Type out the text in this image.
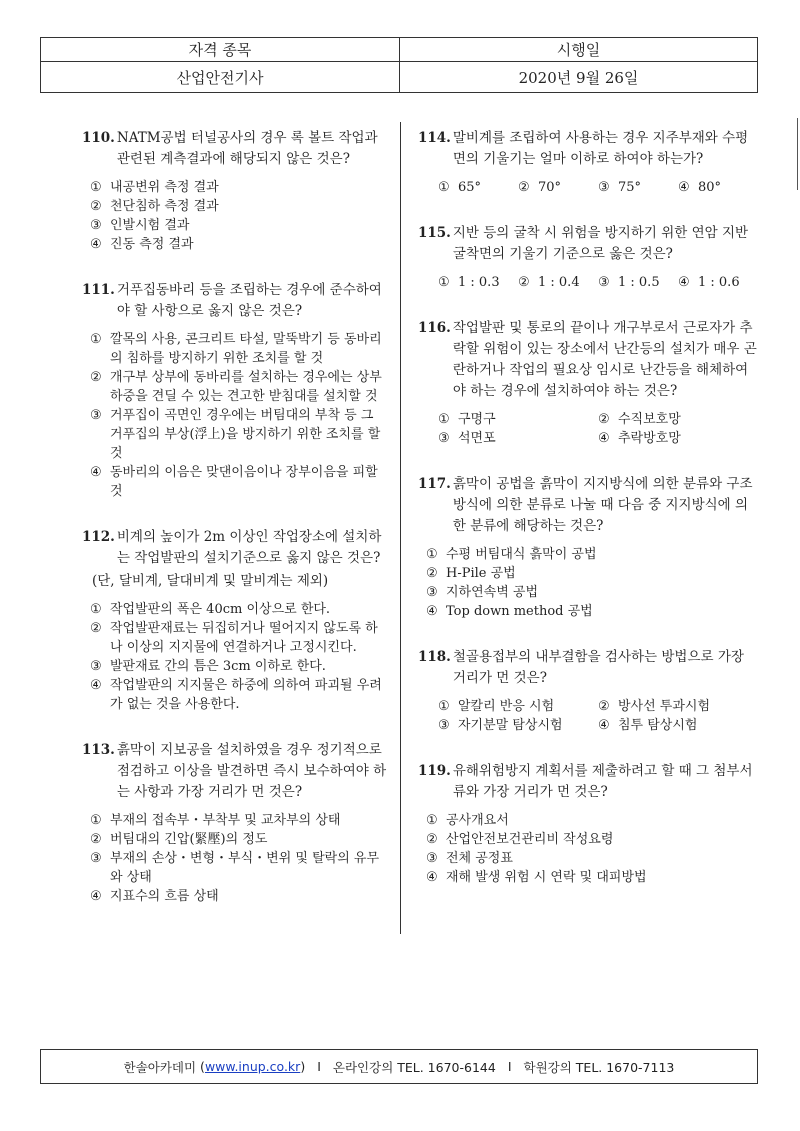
자격 종목	시행일
산업안전기사	2020년 9월 26일
110. NATM공법 터널공사의 경우 록 볼트 작업과 관련된 계측결과에 해당되지 않은 것은?
① 내공변위 측정 결과
② 천단침하 측정 결과
③ 인발시험 결과
④ 진동 측정 결과
111. 거푸집동바리 등을 조립하는 경우에 준수하여야 할 사항으로 옳지 않은 것은?
① 깔목의 사용, 콘크리트 타설, 말뚝박기 등 동바리의 침하를 방지하기 위한 조치를 할 것
② 개구부 상부에 동바리를 설치하는 경우에는 상부하중을 견딜 수 있는 견고한 받침대를 설치할 것
③ 거푸집이 곡면인 경우에는 버팀대의 부착 등 그 거푸집의 부상(浮上)을 방지하기 위한 조치를 할 것
④ 동바리의 이음은 맞댄이음이나 장부이음을 피할 것
112. 비계의 높이가 2m 이상인 작업장소에 설치하는 작업발판의 설치기준으로 옳지 않은 것은?
(단, 달비계, 달대비계 및 말비계는 제외)
① 작업발판의 폭은 40cm 이상으로 한다.
② 작업발판재료는 뒤집히거나 떨어지지 않도록 하나 이상의 지지물에 연결하거나 고정시킨다.
③ 발판재료 간의 틈은 3cm 이하로 한다.
④ 작업발판의 지지물은 하중에 의하여 파괴될 우려가 없는 것을 사용한다.
113. 흙막이 지보공을 설치하였을 경우 정기적으로 점검하고 이상을 발견하면 즉시 보수하여야 하는 사항과 가장 거리가 먼 것은?
① 부재의 접속부・부착부 및 교차부의 상태
② 버팀대의 긴압(緊壓)의 정도
③ 부재의 손상・변형・부식・변위 및 탈락의 유무와 상태
④ 지표수의 흐름 상태
114. 말비계를 조립하여 사용하는 경우 지주부재와 수평면의 기울기는 얼마 이하로 하여야 하는가?
① 65°	② 70°	③ 75°	④ 80°
115. 지반 등의 굴착 시 위험을 방지하기 위한 연암 지반 굴착면의 기울기 기준으로 옳은 것은?
① 1 : 0.3	② 1 : 0.4	③ 1 : 0.5	④ 1 : 0.6
116. 작업발판 및 통로의 끝이나 개구부로서 근로자가 추락할 위험이 있는 장소에서 난간등의 설치가 매우 곤란하거나 작업의 필요상 임시로 난간등을 해체하여야 하는 경우에 설치하여야 하는 것은?
① 구명구	② 수직보호망
③ 석면포	④ 추락방호망
117. 흙막이 공법을 흙막이 지지방식에 의한 분류와 구조방식에 의한 분류로 나눌 때 다음 중 지지방식에 의한 분류에 해당하는 것은?
① 수평 버팀대식 흙막이 공법
② H-Pile 공법
③ 지하연속벽 공법
④ Top down method 공법
118. 철골용접부의 내부결함을 검사하는 방법으로 가장 거리가 먼 것은?
① 알칼리 반응 시험	② 방사선 투과시험
③ 자기분말 탐상시험	④ 침투 탐상시험
119. 유해위험방지 계획서를 제출하려고 할 때 그 첨부서류와 가장 거리가 먼 것은?
① 공사개요서
② 산업안전보건관리비 작성요령
③ 전체 공정표
④ 재해 발생 위험 시 연락 및 대피방법
한솔아카데미 ( www.inup.co.kr ) I 온라인강의 TEL. 1670-6144 I 학원강의 TEL. 1670-7113
